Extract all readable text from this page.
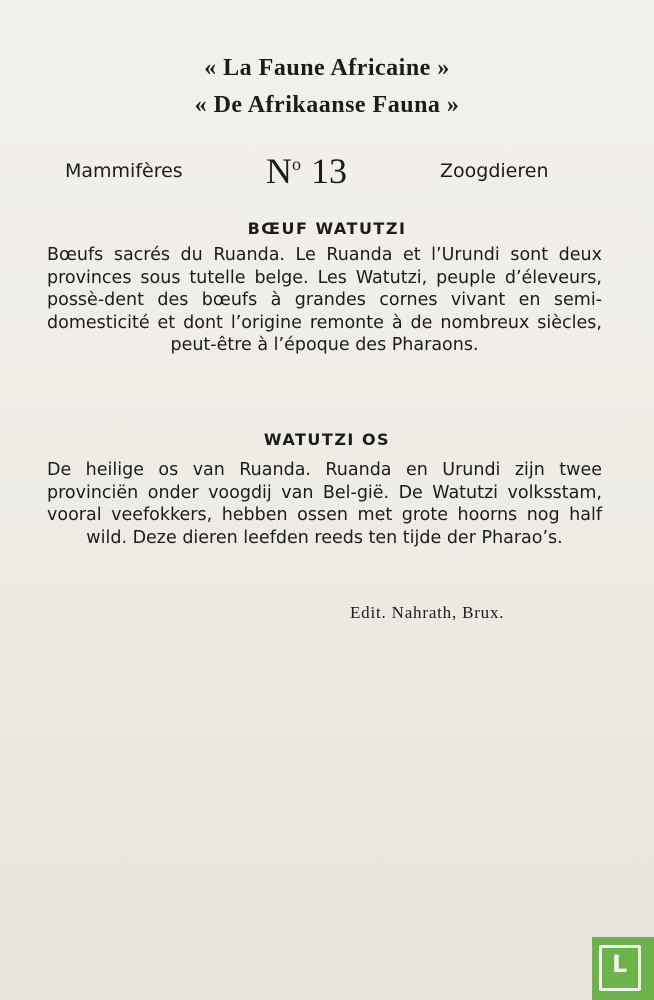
« La Faune Africaine »
« De Afrikaanse Fauna »
Mammifères $N^o$ 13	Zoogdieren
BŒUF WATUTZI
Bœufs sacrés du Ruanda. Le Ruanda et l’Urundi sont deux provinces sous tutelle belge. Les Watutzi, peuple d’éleveurs, possè-dent des bœufs à grandes cornes vivant en semi-domesticité et dont l’origine remonte à de nombreux siècles, peut-être à l’époque des Pharaons.
WATUTZI OS
De heilige os van Ruanda. Ruanda en Urundi zijn twee provinciën onder voogdij van Bel-gië. De Watutzi volksstam, vooral veefokkers, hebben ossen met grote hoorns nog half wild. Deze dieren leefden reeds ten tijde der Pharao’s.
Edit. Nahrath, Brux.
L
